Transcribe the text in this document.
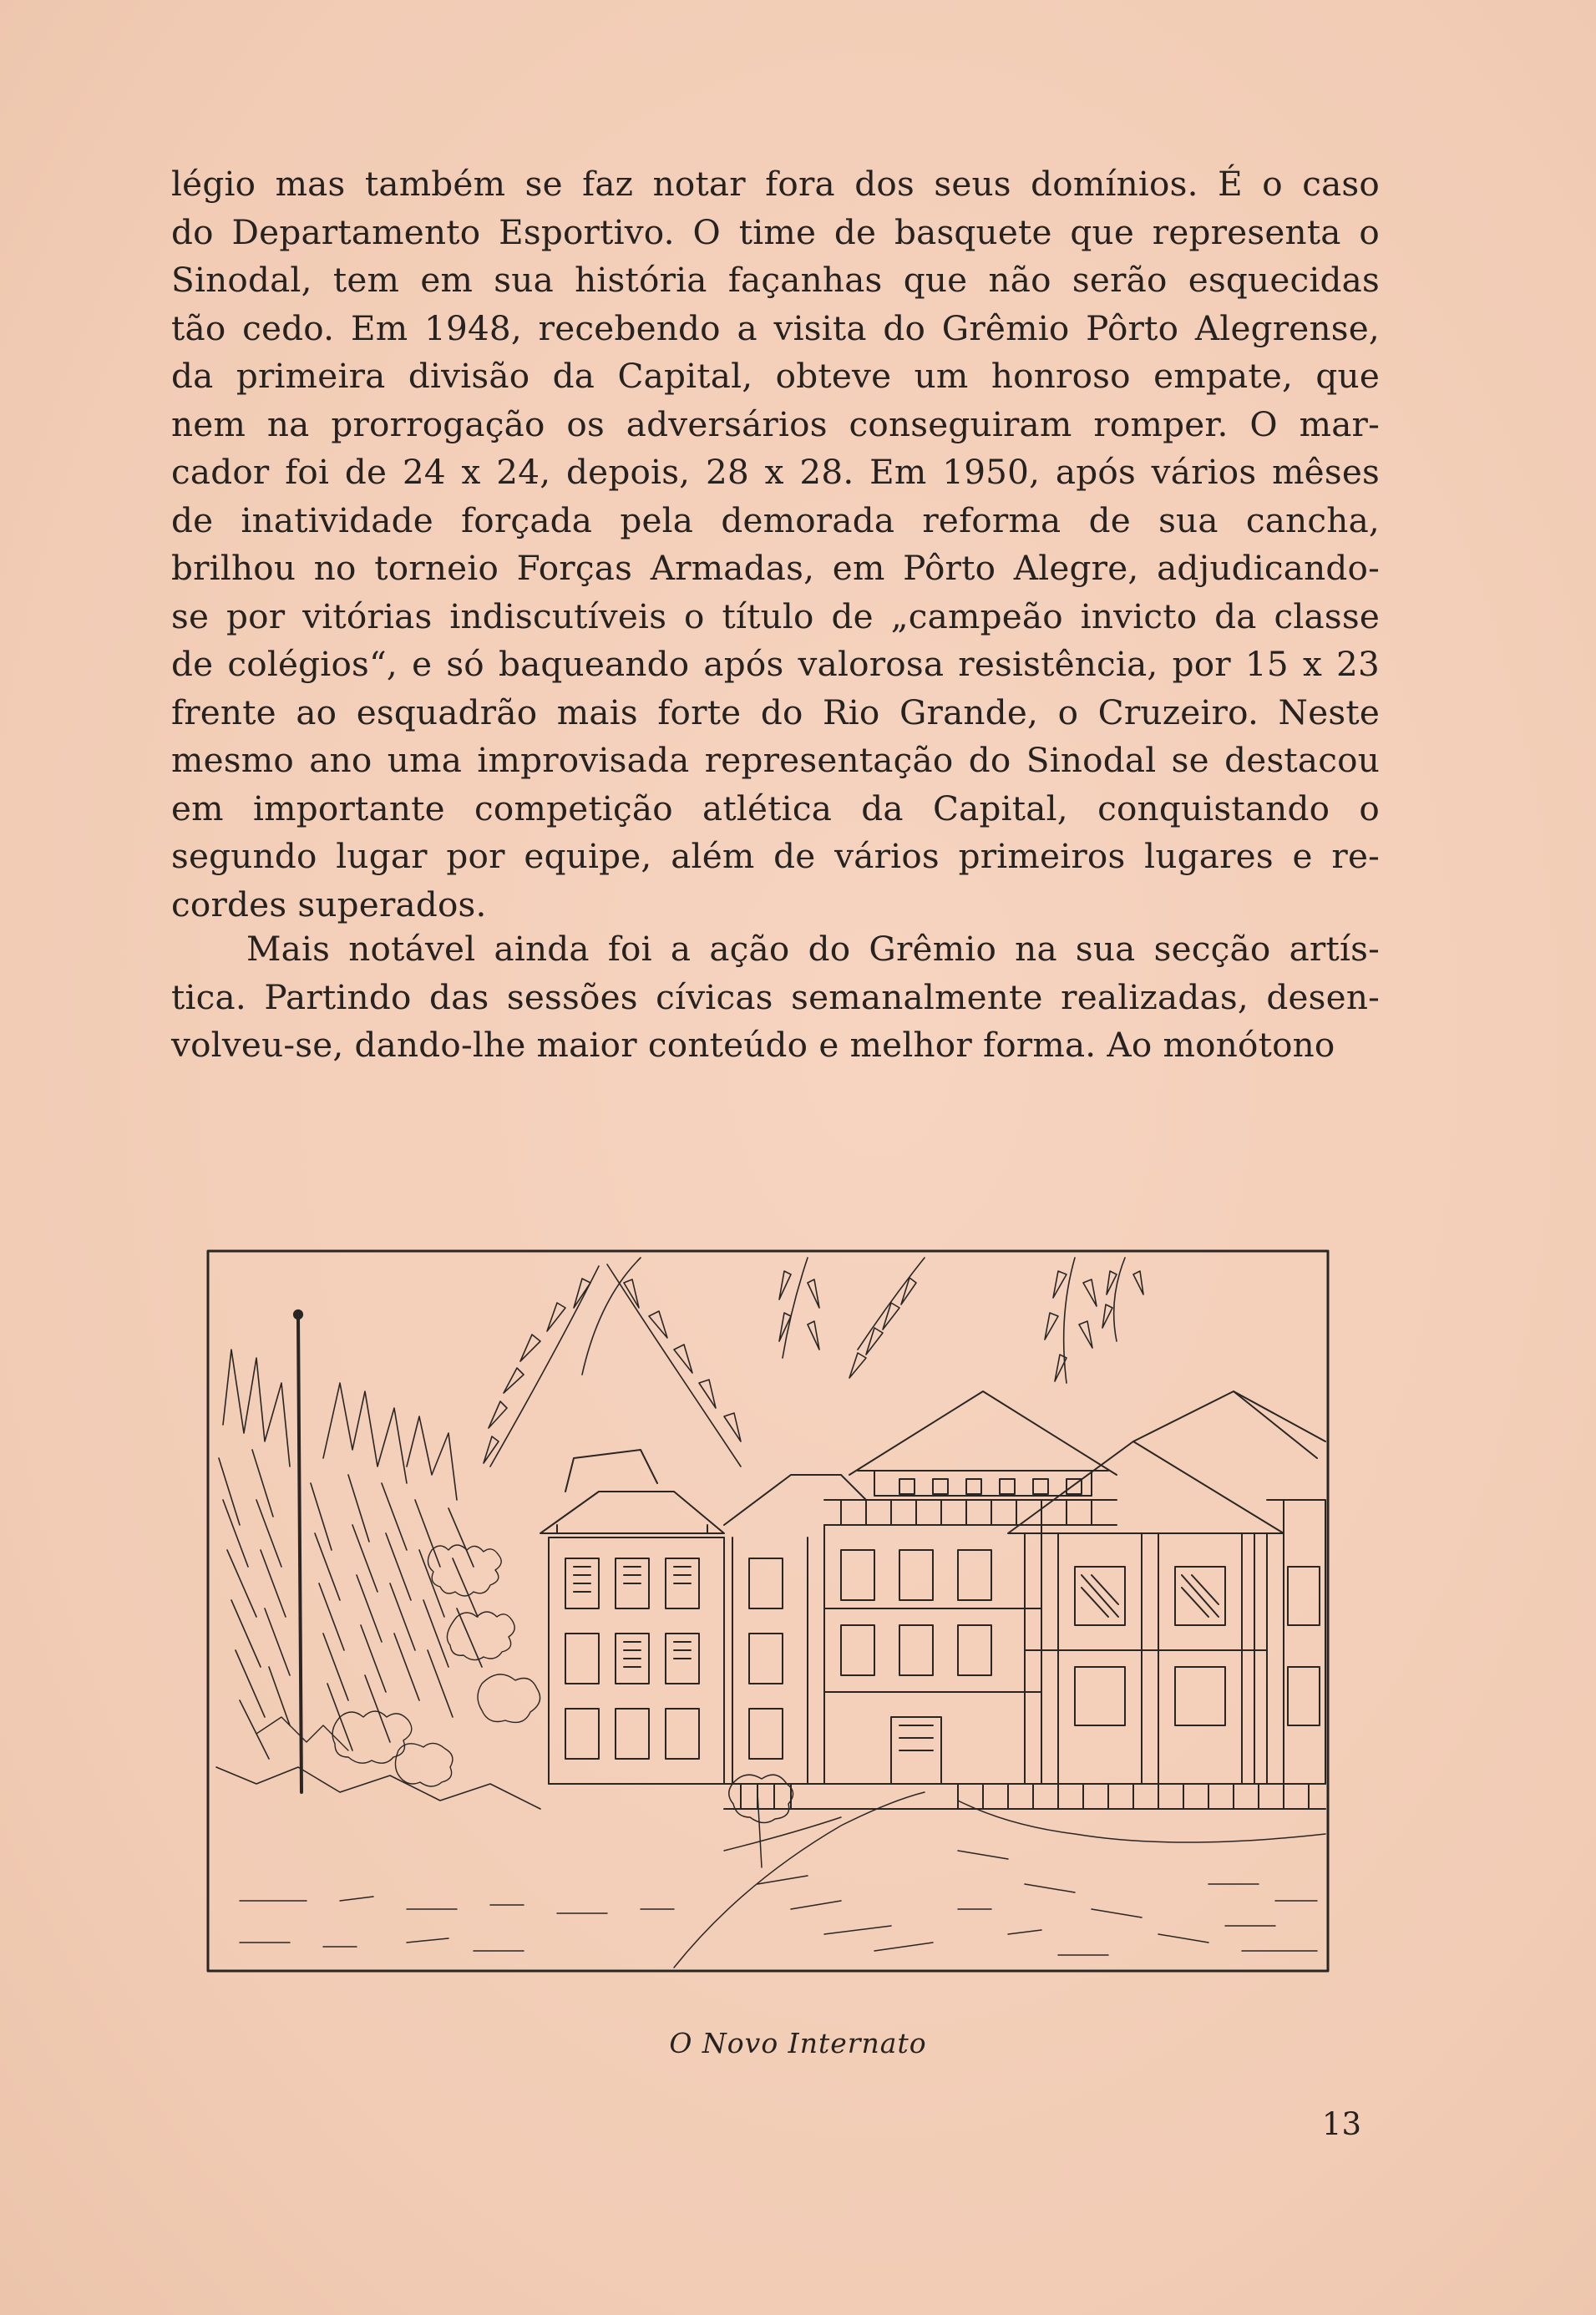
légio mas também se faz notar fora dos seus domínios. É o caso
do Departamento Esportivo. O time de basquete que representa o
Sinodal, tem em sua história façanhas que não serão esquecidas
tão cedo. Em 1948, recebendo a visita do Grêmio Pôrto Alegrense,
da primeira divisão da Capital, obteve um honroso empate, que
nem na prorrogação os adversários conseguiram romper. O mar-
cador foi de 24 x 24, depois, 28 x 28. Em 1950, após vários mêses
de inatividade forçada pela demorada reforma de sua cancha,
brilhou no torneio Forças Armadas, em Pôrto Alegre, adjudicando-
se por vitórias indiscutíveis o título de „campeão invicto da classe
de colégios“, e só baqueando após valorosa resistência, por 15 x 23
frente ao esquadrão mais forte do Rio Grande, o Cruzeiro. Neste
mesmo ano uma improvisada representação do Sinodal se destacou
em importante competição atlética da Capital, conquistando o
segundo lugar por equipe, além de vários primeiros lugares e re-
cordes superados.
Mais notável ainda foi a ação do Grêmio na sua secção artís-
tica. Partindo das sessões cívicas semanalmente realizadas, desen-
volveu-se, dando-lhe maior conteúdo e melhor forma. Ao monótono
O Novo Internato
13
